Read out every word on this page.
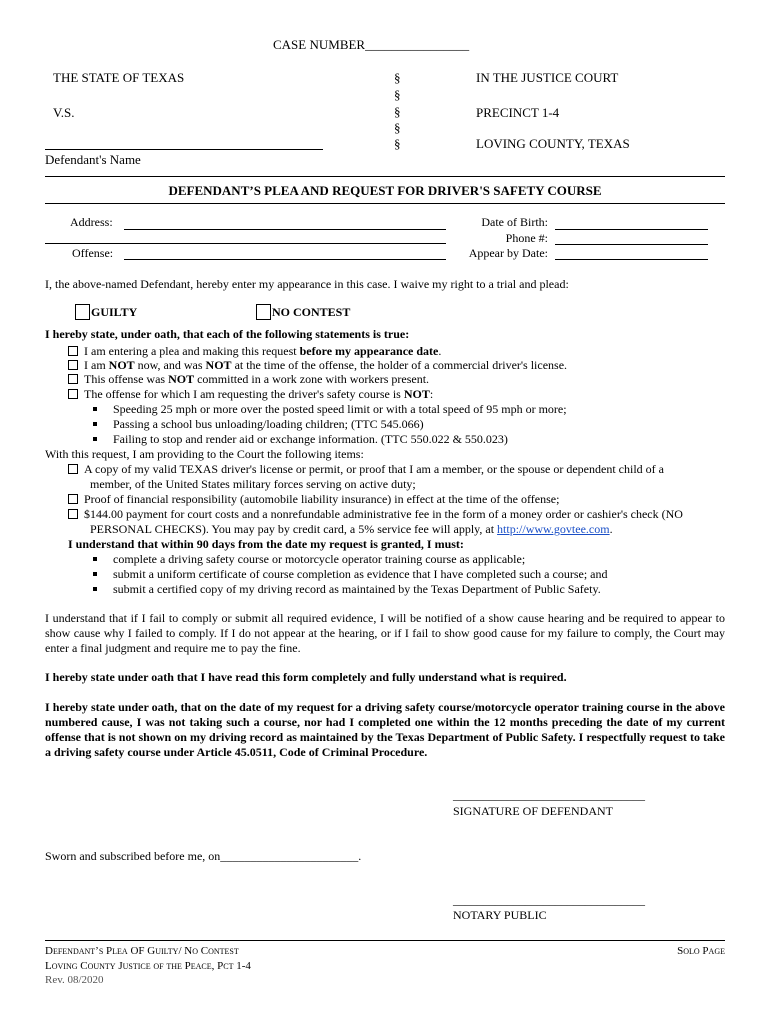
CASE NUMBER________________
THE STATE OF TEXAS
V.S.
Defendant's Name
§
§
§
§
§
IN THE JUSTICE COURT
PRECINCT 1-4
LOVING COUNTY, TEXAS
DEFENDANT’S PLEA AND REQUEST FOR DRIVER'S SAFETY COURSE
Address:
Offense:
Date of Birth:
Phone #:
Appear by Date:
I, the above-named Defendant, hereby enter my appearance in this case. I waive my right to a trial and plead:
GUILTY	NO CONTEST
I hereby state, under oath, that each of the following statements is true:
I am entering a plea and making this request before my appearance date.
I am NOT now, and was NOT at the time of the offense, the holder of a commercial driver's license.
This offense was NOT committed in a work zone with workers present.
The offense for which I am requesting the driver's safety course is NOT:
Speeding 25 mph or more over the posted speed limit or with a total speed of 95 mph or more;
Passing a school bus unloading/loading children; (TTC 545.066)
Failing to stop and render aid or exchange information. (TTC 550.022 & 550.023)
With this request, I am providing to the Court the following items:
A copy of my valid TEXAS driver's license or permit, or proof that I am a member, or the spouse or dependent child of a
member, of the United States military forces serving on active duty;
Proof of financial responsibility (automobile liability insurance) in effect at the time of the offense;
$144.00 payment for court costs and a nonrefundable administrative fee in the form of a money order or cashier's check (NO
PERSONAL CHECKS). You may pay by credit card, a 5% service fee will apply, at http://www.govtee.com.
I understand that within 90 days from the date my request is granted, I must:
complete a driving safety course or motorcycle operator training course as applicable;
submit a uniform certificate of course completion as evidence that I have completed such a course; and
submit a certified copy of my driving record as maintained by the Texas Department of Public Safety.
I understand that if I fail to comply or submit all required evidence, I will be notified of a show cause hearing and be required to appear to show cause why I failed to comply. If I do not appear at the hearing, or if I fail to show good cause for my failure to comply, the Court may enter a final judgment and require me to pay the fine.
I hereby state under oath that I have read this form completely and fully understand what is required.
I hereby state under oath, that on the date of my request for a driving safety course/motorcycle operator training course in the above numbered cause, I was not taking such a course, nor had I completed one within the 12 months preceding the date of my current offense that is not shown on my driving record as maintained by the Texas Department of Public Safety. I respectfully request to take a driving safety course under Article 45.0511, Code of Criminal Procedure.
________________________________
SIGNATURE OF DEFENDANT
Sworn and subscribed before me, on_______________________.
________________________________
NOTARY PUBLIC
Defendant’s Plea OF Guilty/ No Contest
Loving County Justice of the Peace, Pct 1-4
Rev. 08/2020
Solo Page
